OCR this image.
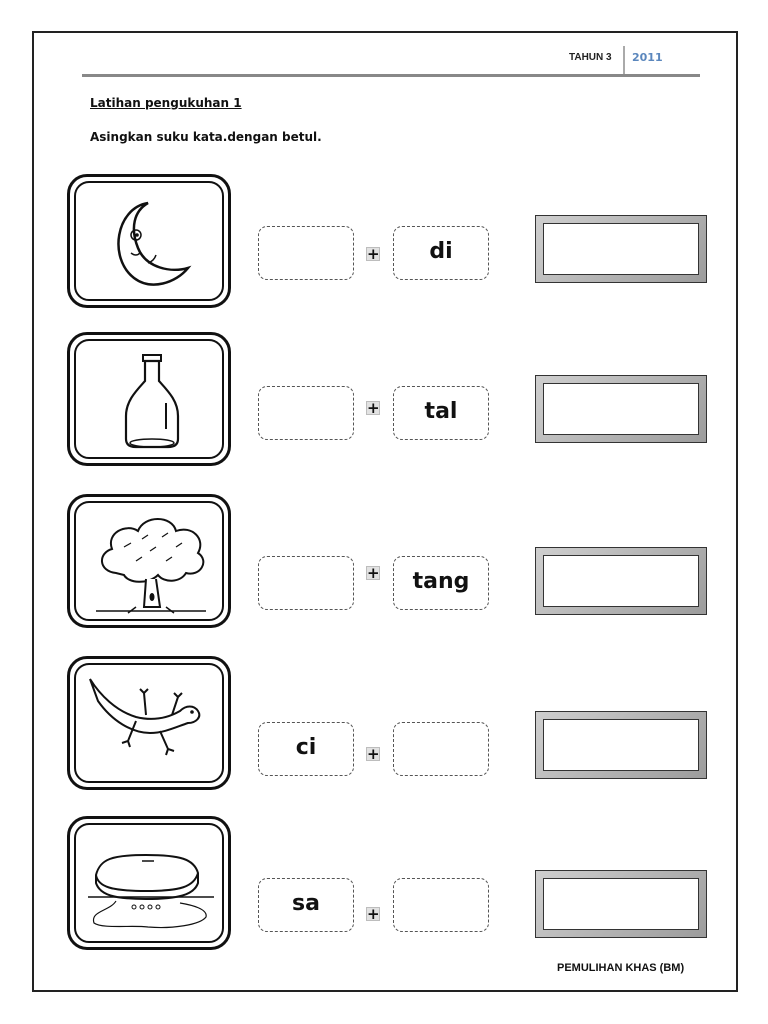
TAHUN 3 2011
Latihan pengukuhan 1
Asingkan suku kata.dengan betul.
+	di
+	tal
+	tang
ci	+
sa	+
PEMULIHAN KHAS (BM)
